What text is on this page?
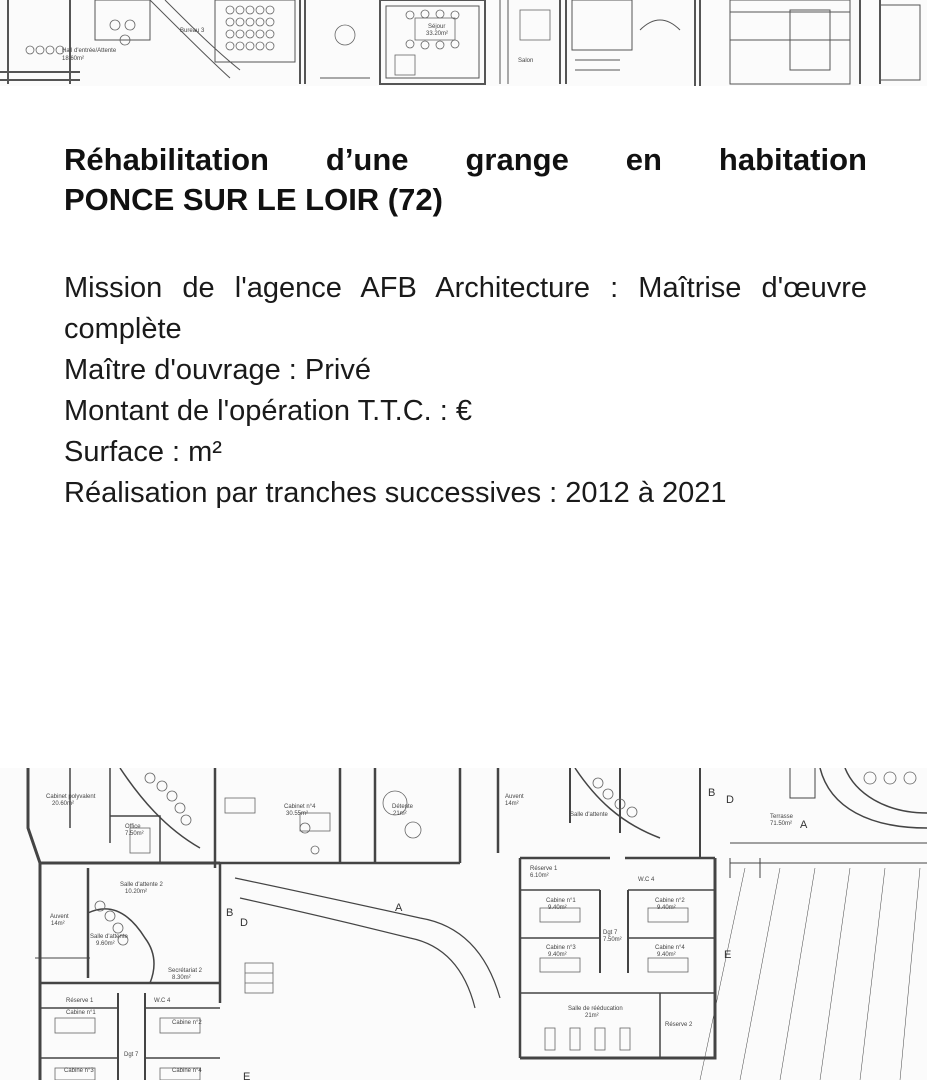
Séjour
33.20m²
Salon
Hall d'entrée/Attente
18.60m²
Bureau 3

Réhabilitation d’une grange en habitation

PONCE SUR LE LOIR (72)

Mission de l'agence AFB Architecture : Maîtrise d'œuvre

complète

Maître d'ouvrage : Privé

Montant de l'opération T.T.C. : €

Surface : m²

Réalisation par tranches successives : 2012 à 2021

Cabinet polyvalent
20.60m²
Office
7.50m²
Cabinet n°4
30.55m²
Détente
21m²
Salle d'attente 2
10.20m²
Auvent
14m²
Salle d'attente
9.60m²
Secrétariat 2
8.30m²
Réserve 1
Cabine n°1
Cabine n°2
Dgt 7
Cabine n°3	Cabine n°4
W.C 4
Auvent
14m²
Salle d'attente
Réserve 1
6.10m²
Cabine n°1
9.40m²
Cabine n°2
9.40m²
Cabine n°3
9.40m²
Cabine n°4
9.40m²
Dgt 7
7.50m²
Salle de rééducation
21m²
Réserve 2
Terrasse
71.50m²
W.C 4
A
A
B
B
D
D
E
E
